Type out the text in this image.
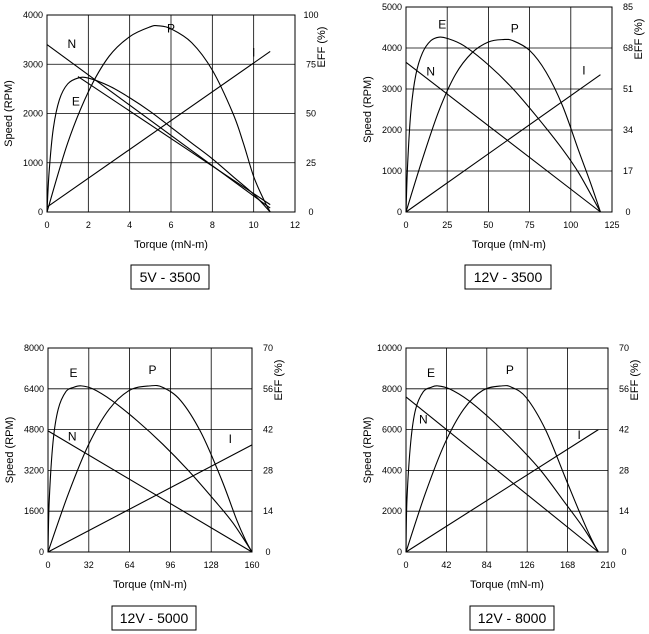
0	2	4	6	8	10	12
0
1000
2000
3000
4000
0
25
50
75
100
Torque (mN-m)
Speed (RPM)
EFF (%)
N
E
P
I
5V - 3500
0	25	50	75	100	125
0
1000
2000
3000
4000
5000
0
17
34
51
68
85
Torque (mN-m)
Speed (RPM)
EFF (%)
E	P
N	I
12V - 3500
0	32	64	96	128	160
0
1600
3200
4800
6400
8000
0
14
28
42
56
70
Torque (mN-m)
Speed (RPM)
EFF (%)
E	P
N	I
12V - 5000
0	42	84	126	168	210
0
2000
4000
6000
8000
10000
0
14
28
42
56
70
Torque (mN-m)
Speed (RPM)
EFF (%)
E	P
N
I
12V - 8000
